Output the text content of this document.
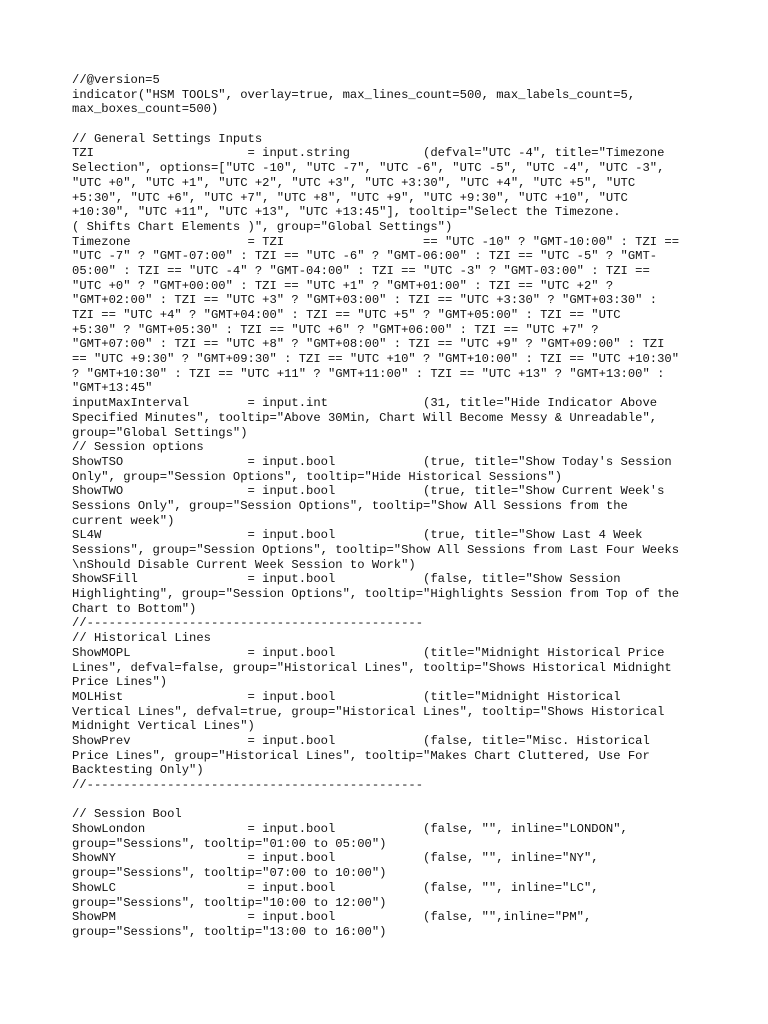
//@version=5
indicator("HSM TOOLS", overlay=true, max_lines_count=500, max_labels_count=5,
max_boxes_count=500)
// General Settings Inputs
TZI                     = input.string          (defval="UTC -4", title="Timezone
Selection", options=["UTC -10", "UTC -7", "UTC -6", "UTC -5", "UTC -4", "UTC -3",
"UTC +0", "UTC +1", "UTC +2", "UTC +3", "UTC +3:30", "UTC +4", "UTC +5", "UTC
+5:30", "UTC +6", "UTC +7", "UTC +8", "UTC +9", "UTC +9:30", "UTC +10", "UTC
+10:30", "UTC +11", "UTC +13", "UTC +13:45"], tooltip="Select the Timezone.
( Shifts Chart Elements )", group="Global Settings")
Timezone                = TZI                   == "UTC -10" ? "GMT-10:00" : TZI ==
"UTC -7" ? "GMT-07:00" : TZI == "UTC -6" ? "GMT-06:00" : TZI == "UTC -5" ? "GMT-
05:00" : TZI == "UTC -4" ? "GMT-04:00" : TZI == "UTC -3" ? "GMT-03:00" : TZI ==
"UTC +0" ? "GMT+00:00" : TZI == "UTC +1" ? "GMT+01:00" : TZI == "UTC +2" ?
"GMT+02:00" : TZI == "UTC +3" ? "GMT+03:00" : TZI == "UTC +3:30" ? "GMT+03:30" :
TZI == "UTC +4" ? "GMT+04:00" : TZI == "UTC +5" ? "GMT+05:00" : TZI == "UTC
+5:30" ? "GMT+05:30" : TZI == "UTC +6" ? "GMT+06:00" : TZI == "UTC +7" ?
"GMT+07:00" : TZI == "UTC +8" ? "GMT+08:00" : TZI == "UTC +9" ? "GMT+09:00" : TZI
== "UTC +9:30" ? "GMT+09:30" : TZI == "UTC +10" ? "GMT+10:00" : TZI == "UTC +10:30"
? "GMT+10:30" : TZI == "UTC +11" ? "GMT+11:00" : TZI == "UTC +13" ? "GMT+13:00" :
"GMT+13:45"
inputMaxInterval        = input.int             (31, title="Hide Indicator Above
Specified Minutes", tooltip="Above 30Min, Chart Will Become Messy & Unreadable",
group="Global Settings")
// Session options
ShowTSO                 = input.bool            (true, title="Show Today's Session
Only", group="Session Options", tooltip="Hide Historical Sessions")
ShowTWO                 = input.bool            (true, title="Show Current Week's
Sessions Only", group="Session Options", tooltip="Show All Sessions from the
current week")
SL4W                    = input.bool            (true, title="Show Last 4 Week
Sessions", group="Session Options", tooltip="Show All Sessions from Last Four Weeks
\nShould Disable Current Week Session to Work")
ShowSFill               = input.bool            (false, title="Show Session
Highlighting", group="Session Options", tooltip="Highlights Session from Top of the
Chart to Bottom")
//----------------------------------------------
// Historical Lines
ShowMOPL                = input.bool            (title="Midnight Historical Price
Lines", defval=false, group="Historical Lines", tooltip="Shows Historical Midnight
Price Lines")
MOLHist                 = input.bool            (title="Midnight Historical
Vertical Lines", defval=true, group="Historical Lines", tooltip="Shows Historical
Midnight Vertical Lines")
ShowPrev                = input.bool            (false, title="Misc. Historical
Price Lines", group="Historical Lines", tooltip="Makes Chart Cluttered, Use For
Backtesting Only")
//----------------------------------------------
// Session Bool
ShowLondon              = input.bool            (false, "", inline="LONDON",
group="Sessions", tooltip="01:00 to 05:00")
ShowNY                  = input.bool            (false, "", inline="NY",
group="Sessions", tooltip="07:00 to 10:00")
ShowLC                  = input.bool            (false, "", inline="LC",
group="Sessions", tooltip="10:00 to 12:00")
ShowPM                  = input.bool            (false, "",inline="PM",
group="Sessions", tooltip="13:00 to 16:00")
